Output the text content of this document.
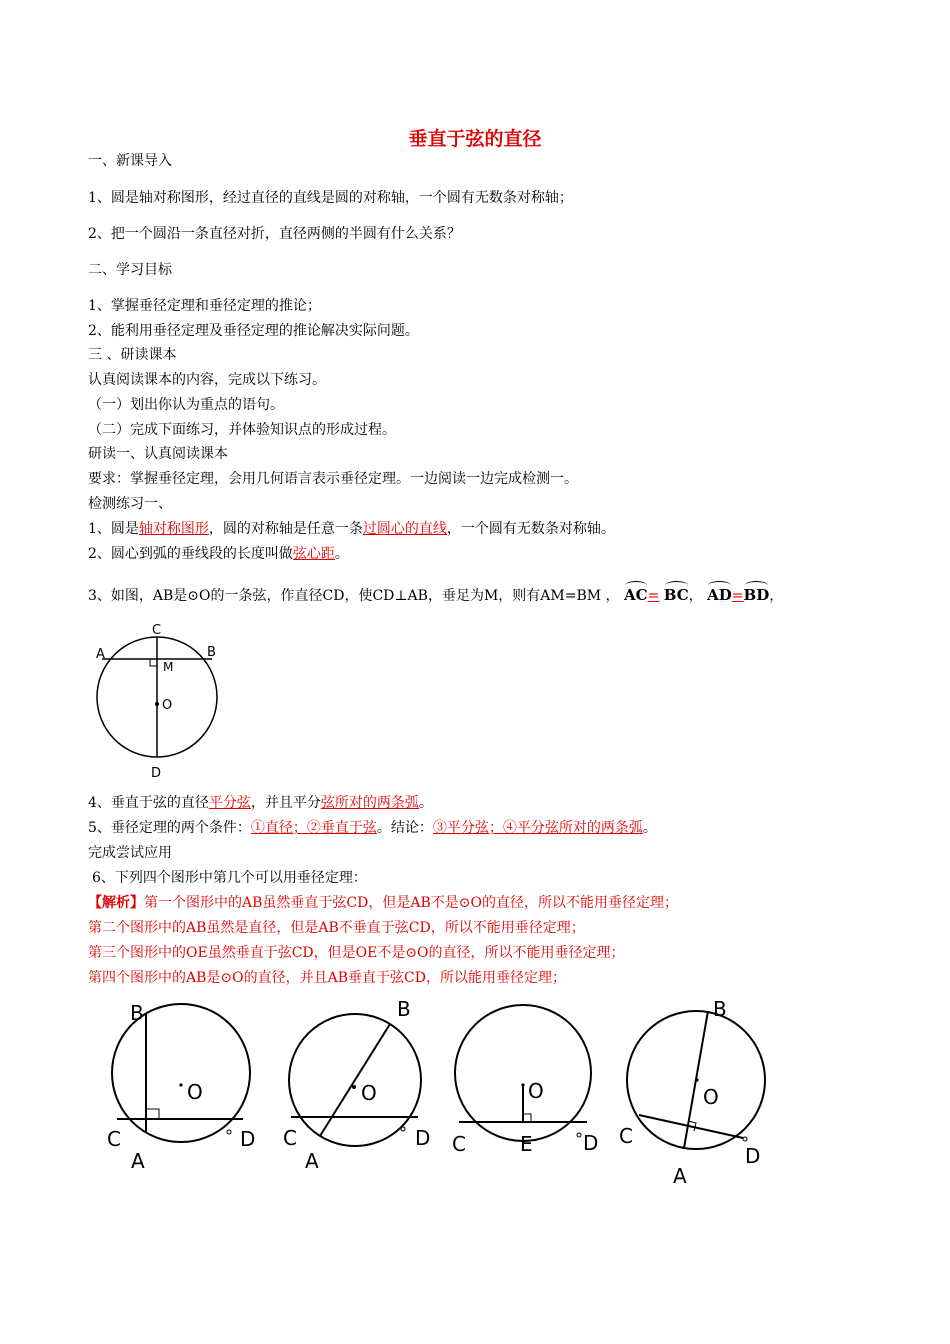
垂直于弦的直径
一、新课导入
1、圆是轴对称图形，经过直径的直线是圆的对称轴，一个圆有无数条对称轴；
2、把一个圆沿一条直径对折，直径两侧的半圆有什么关系？
二、学习目标
1、掌握垂径定理和垂径定理的推论；
2、能利用垂径定理及垂径定理的推论解决实际问题。
三 、研读课本
认真阅读课本的内容，完成以下练习。
（一）划出你认为重点的语句。
（二）完成下面练习，并体验知识点的形成过程。
研读一、认真阅读课本
要求：掌握垂径定理，会用几何语言表示垂径定理。一边阅读一边完成检测一。
检测练习一、
1、圆是轴对称图形，圆的对称轴是任意一条过圆心的直线，一个圆有无数条对称轴。
2、圆心到弧的垂线段的长度叫做弦心距。
3、如图，AB是⊙O的一条弦，作直径CD，使CD⊥AB，垂足为M，则有AM=BM ， AC= BC， AD=BD，
A	B
C
D
M
O
4、垂直于弦的直径平分弦，并且平分弦所对的两条弧。
5、垂径定理的两个条件：①直径；②垂直于弦。结论：③平分弦；④平分弦所对的两条弧。
完成尝试应用
6、下列四个图形中第几个可以用垂径定理：
【解析】第一个图形中的AB虽然垂直于弦CD，但是AB不是⊙O的直径，所以不能用垂径定理；
第二个图形中的AB虽然是直径，但是AB不垂直于弦CD，所以不能用垂径定理；
第三个图形中的OE虽然垂直于弦CD，但是OE不是⊙O的直径，所以不能用垂径定理；
第四个图形中的AB是⊙O的直径，并且AB垂直于弦CD，所以能用垂径定理；
B
O
C	D
A
B
O
C	D
A
O
C	E	D
B
O
C
D
A
